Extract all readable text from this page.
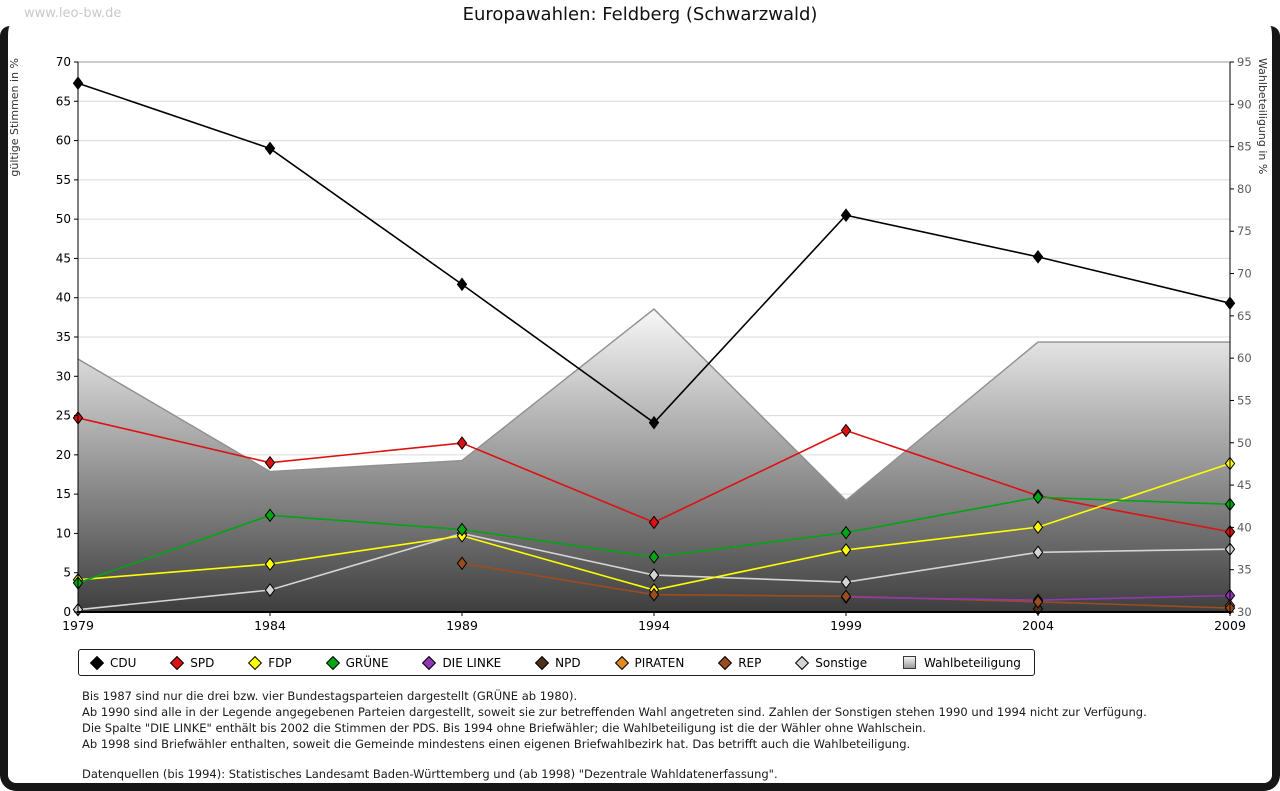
www.leo-bw.de	Europawahlen: Feldberg (Schwarzwald)
gültige Stimmen in %	Wahlbeteiligung in %
0
5
10
15
20
25
30
35
40
45
50
55
60
65
70
30
35
40
45
50
55
60
65
70
75
80
85
90
95
1979	1984	1989	1994	1999	2004	2009
CDU	SPD	FDP	GRÜNE	DIE LINKE	NPD	PIRATEN	REP	Sonstige	Wahlbeteiligung
Bis 1987 sind nur die drei bzw. vier Bundestagsparteien dargestellt (GRÜNE ab 1980).
Ab 1990 sind alle in der Legende angegebenen Parteien dargestellt, soweit sie zur betreffenden Wahl angetreten sind. Zahlen der Sonstigen stehen 1990 und 1994 nicht zur Verfügung.
Die Spalte "DIE LINKE" enthält bis 2002 die Stimmen der PDS. Bis 1994 ohne Briefwähler; die Wahlbeteiligung ist die der Wähler ohne Wahlschein.
Ab 1998 sind Briefwähler enthalten, soweit die Gemeinde mindestens einen eigenen Briefwahlbezirk hat. Das betrifft auch die Wahlbeteiligung.
Datenquellen (bis 1994): Statistisches Landesamt Baden-Württemberg und (ab 1998) "Dezentrale Wahldatenerfassung".
